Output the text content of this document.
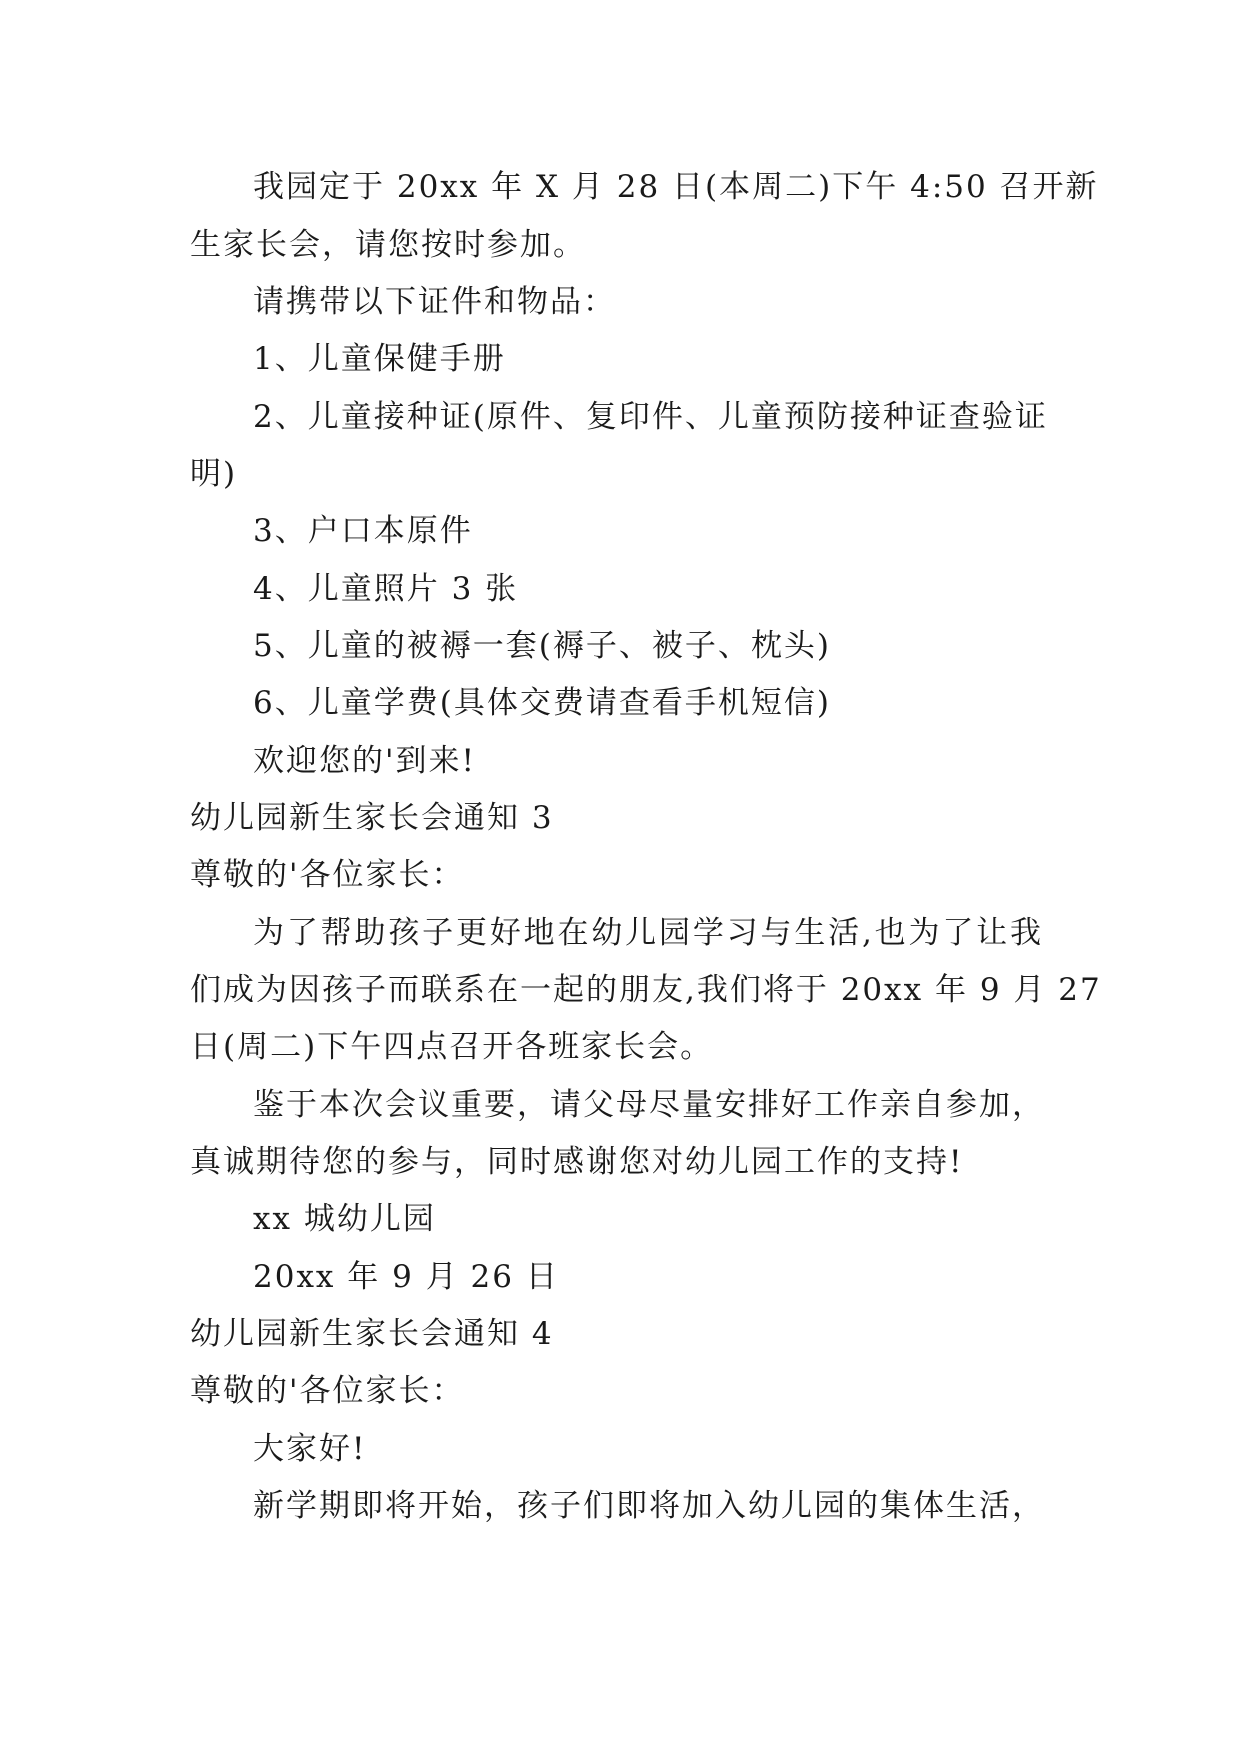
我园定于 20xx 年 X 月 28 日(本周二)下午 4:50 召开新
生家长会，请您按时参加。
请携带以下证件和物品：
1、儿童保健手册
2、儿童接种证(原件、复印件、儿童预防接种证查验证
明)
3、户口本原件
4、儿童照片 3 张
5、儿童的被褥一套(褥子、被子、枕头)
6、儿童学费(具体交费请查看手机短信)
欢迎您的'到来!
幼儿园新生家长会通知 3
尊敬的'各位家长：
为了帮助孩子更好地在幼儿园学习与生活,也为了让我
们成为因孩子而联系在一起的朋友,我们将于 20xx 年 9 月 27
日(周二)下午四点召开各班家长会。
鉴于本次会议重要，请父母尽量安排好工作亲自参加，
真诚期待您的参与，同时感谢您对幼儿园工作的支持!
xx 城幼儿园
20xx 年 9 月 26 日
幼儿园新生家长会通知 4
尊敬的'各位家长：
大家好!
新学期即将开始，孩子们即将加入幼儿园的集体生活，
